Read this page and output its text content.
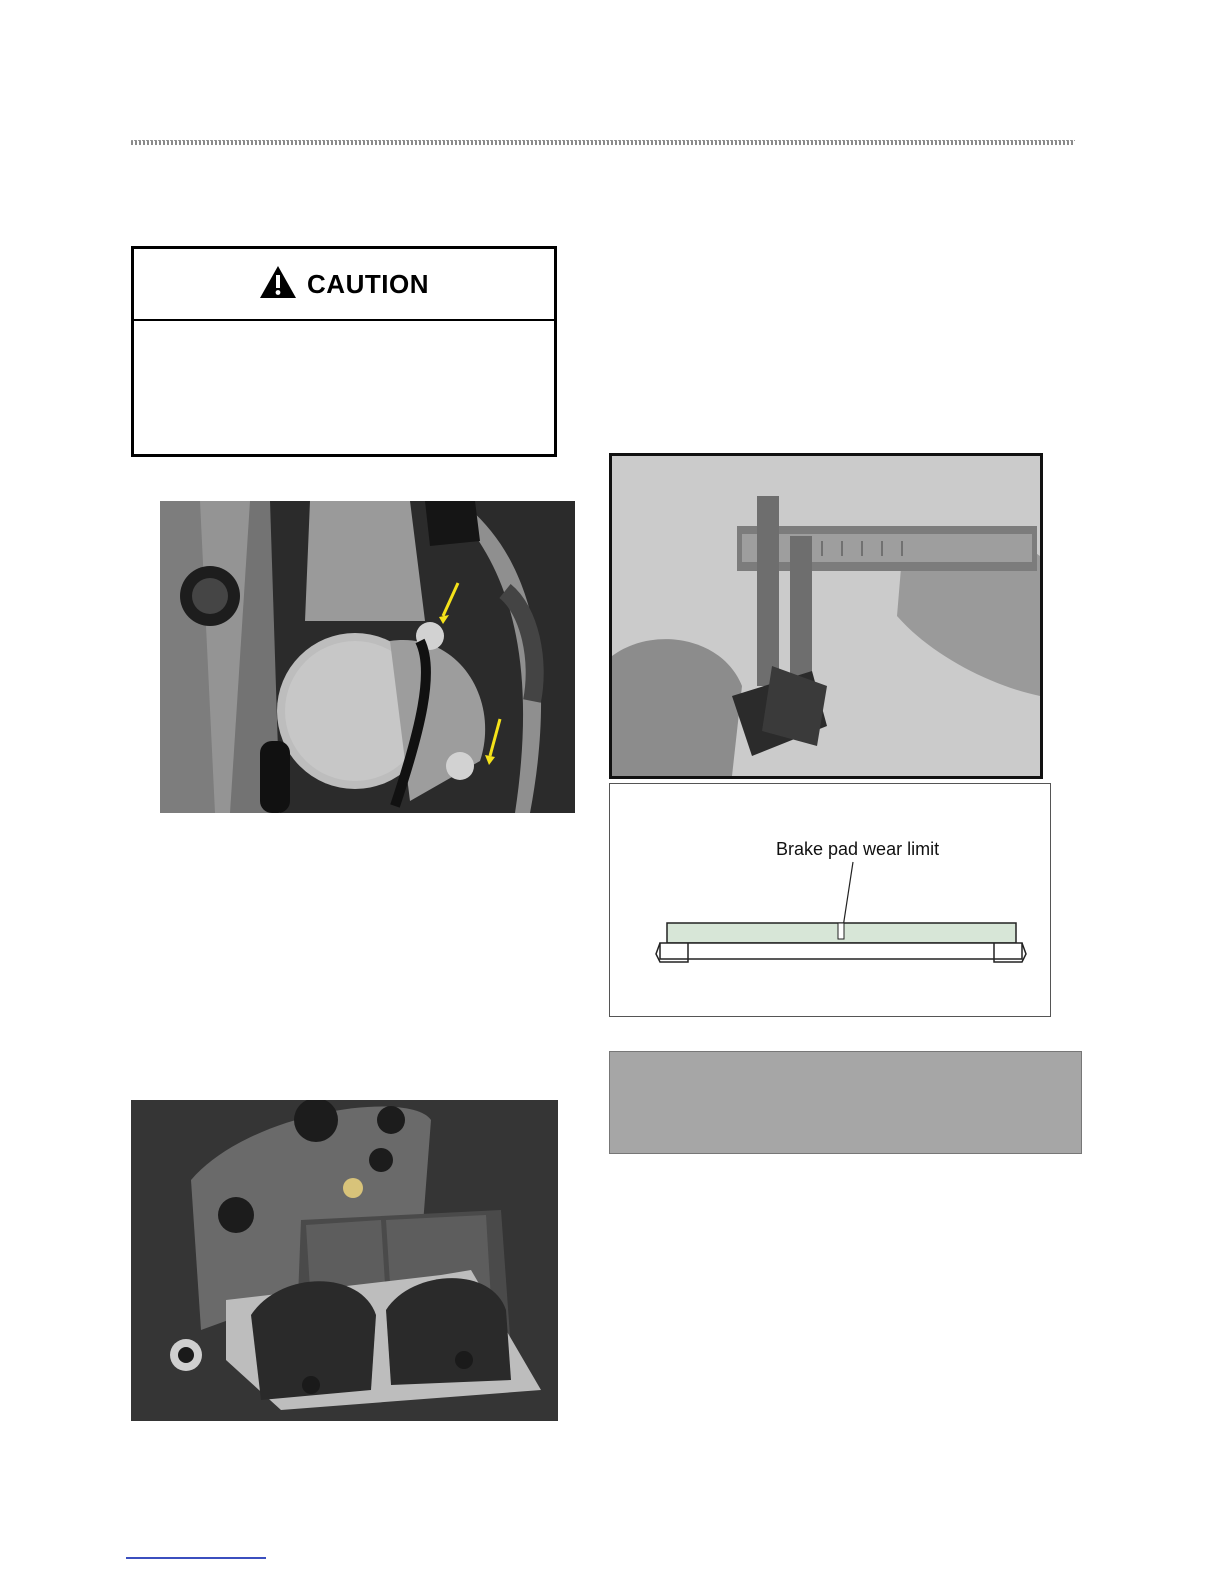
CAUTION
Brake pad wear limit
